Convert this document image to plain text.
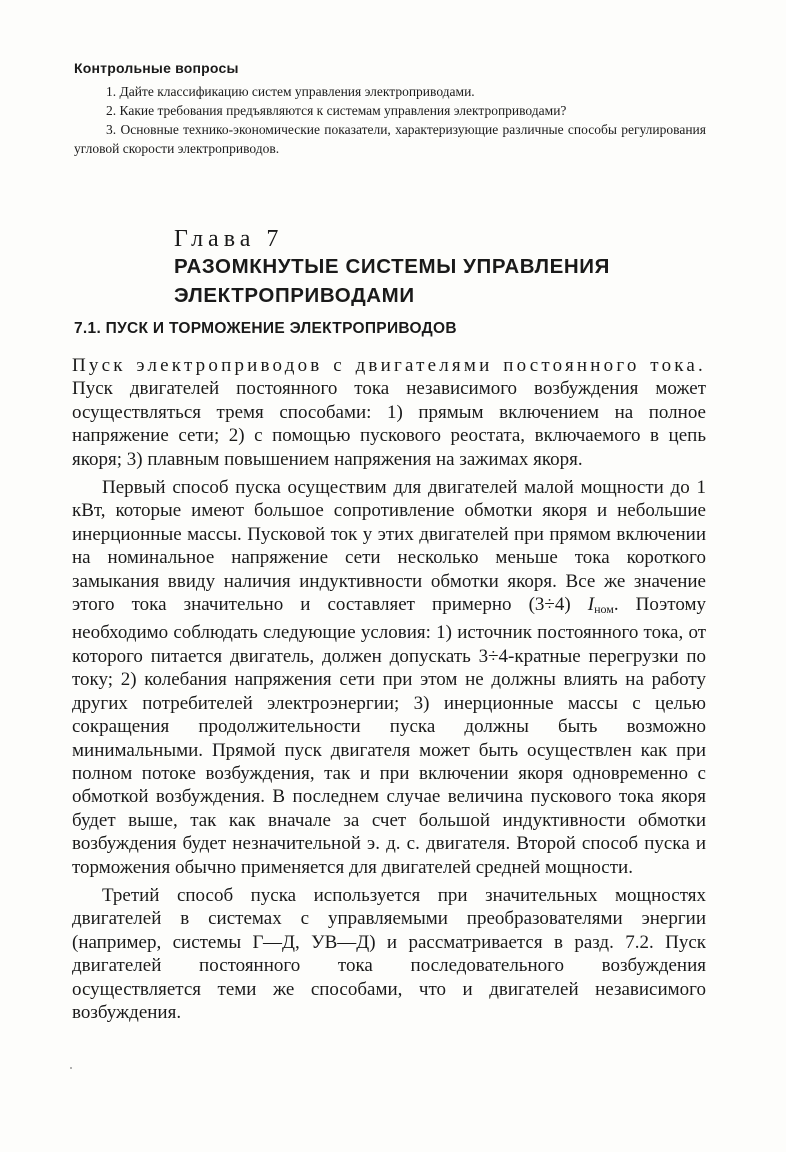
Контрольные вопросы

1. Дайте классификацию систем управления электроприводами.

2. Какие требования предъявляются к системам управления электроприводами?

3. Основные технико-экономические показатели, характеризующие различные способы регулирования угловой скорости электроприводов.

Глава 7
РАЗОМКНУТЫЕ СИСТЕМЫ УПРАВЛЕНИЯ ЭЛЕКТРОПРИВОДАМИ
7.1. ПУСК И ТОРМОЖЕНИЕ ЭЛЕКТРОПРИВОДОВ

Пуск электроприводов с двигателями постоянного тока. Пуск двигателей постоянного тока независимого возбуждения может осуществляться тремя способами: 1) прямым включением на полное напряжение сети; 2) с помощью пускового реостата, включаемого в цепь якоря; 3) плавным повышением напряжения на зажимах якоря.

Первый способ пуска осуществим для двигателей малой мощности до 1 кВт, которые имеют большое сопротивление обмотки якоря и небольшие инерционные массы. Пусковой ток у этих двигателей при прямом включении на номинальное напряжение сети несколько меньше тока короткого замыкания ввиду наличия индуктивности обмотки якоря. Все же значение этого тока значительно и составляет примерно (3÷4) $I_{ном}$. Поэтому необходимо соблюдать следующие условия: 1) источник постоянного тока, от которого питается двигатель, должен допускать 3÷4-кратные перегрузки по току; 2) колебания напряжения сети при этом не должны влиять на работу других потребителей электроэнергии; 3) инерционные массы с целью сокращения продолжительности пуска должны быть возможно минимальными. Прямой пуск двигателя может быть осуществлен как при полном потоке возбуждения, так и при включении якоря одновременно с обмоткой возбуждения. В последнем случае величина пускового тока якоря будет выше, так как вначале за счет большой индуктивности обмотки возбуждения будет незначительной э. д. с. двигателя. Второй способ пуска и торможения обычно применяется для двигателей средней мощности.

Третий способ пуска используется при значительных мощностях двигателей в системах с управляемыми преобразователями энергии (например, системы Г—Д, УВ—Д) и рассматривается в разд. 7.2. Пуск двигателей постоянного тока последовательного возбуждения осуществляется теми же способами, что и двигателей независимого возбуждения.
